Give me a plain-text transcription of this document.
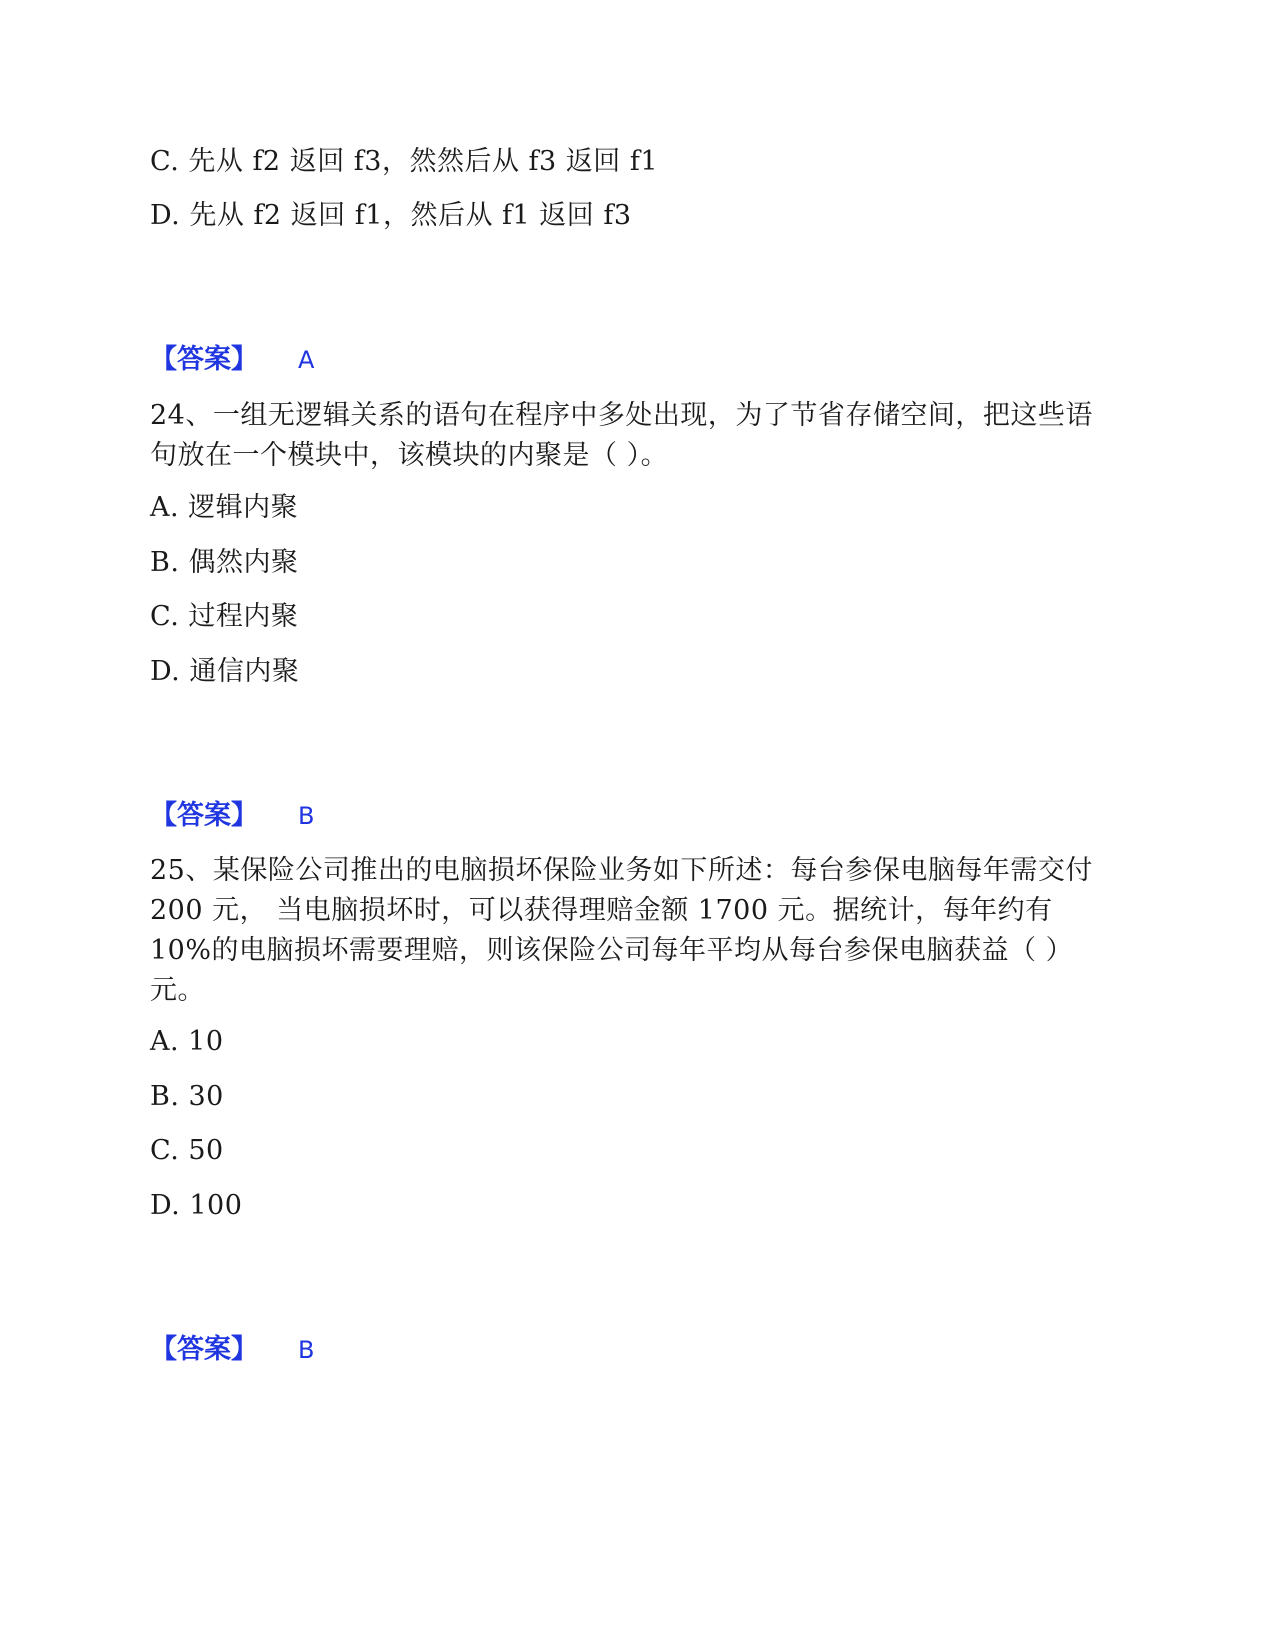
C. 先从 f2 返回 f3，然然后从 f3 返回 f1
D. 先从 f2 返回 f1，然后从 f1 返回 f3
【答案】 A
24、一组无逻辑关系的语句在程序中多处出现，为了节省存储空间，把这些语句放在一个模块中，该模块的内聚是（ ）。
A. 逻辑内聚
B. 偶然内聚
C. 过程内聚
D. 通信内聚
【答案】 B
25、某保险公司推出的电脑损坏保险业务如下所述：每台参保电脑每年需交付 200 元， 当电脑损坏时，可以获得理赔金额 1700 元。据统计，每年约有10%的电脑损坏需要理赔，则该保险公司每年平均从每台参保电脑获益（ ）元。
A. 10
B. 30
C. 50
D. 100
【答案】 B
